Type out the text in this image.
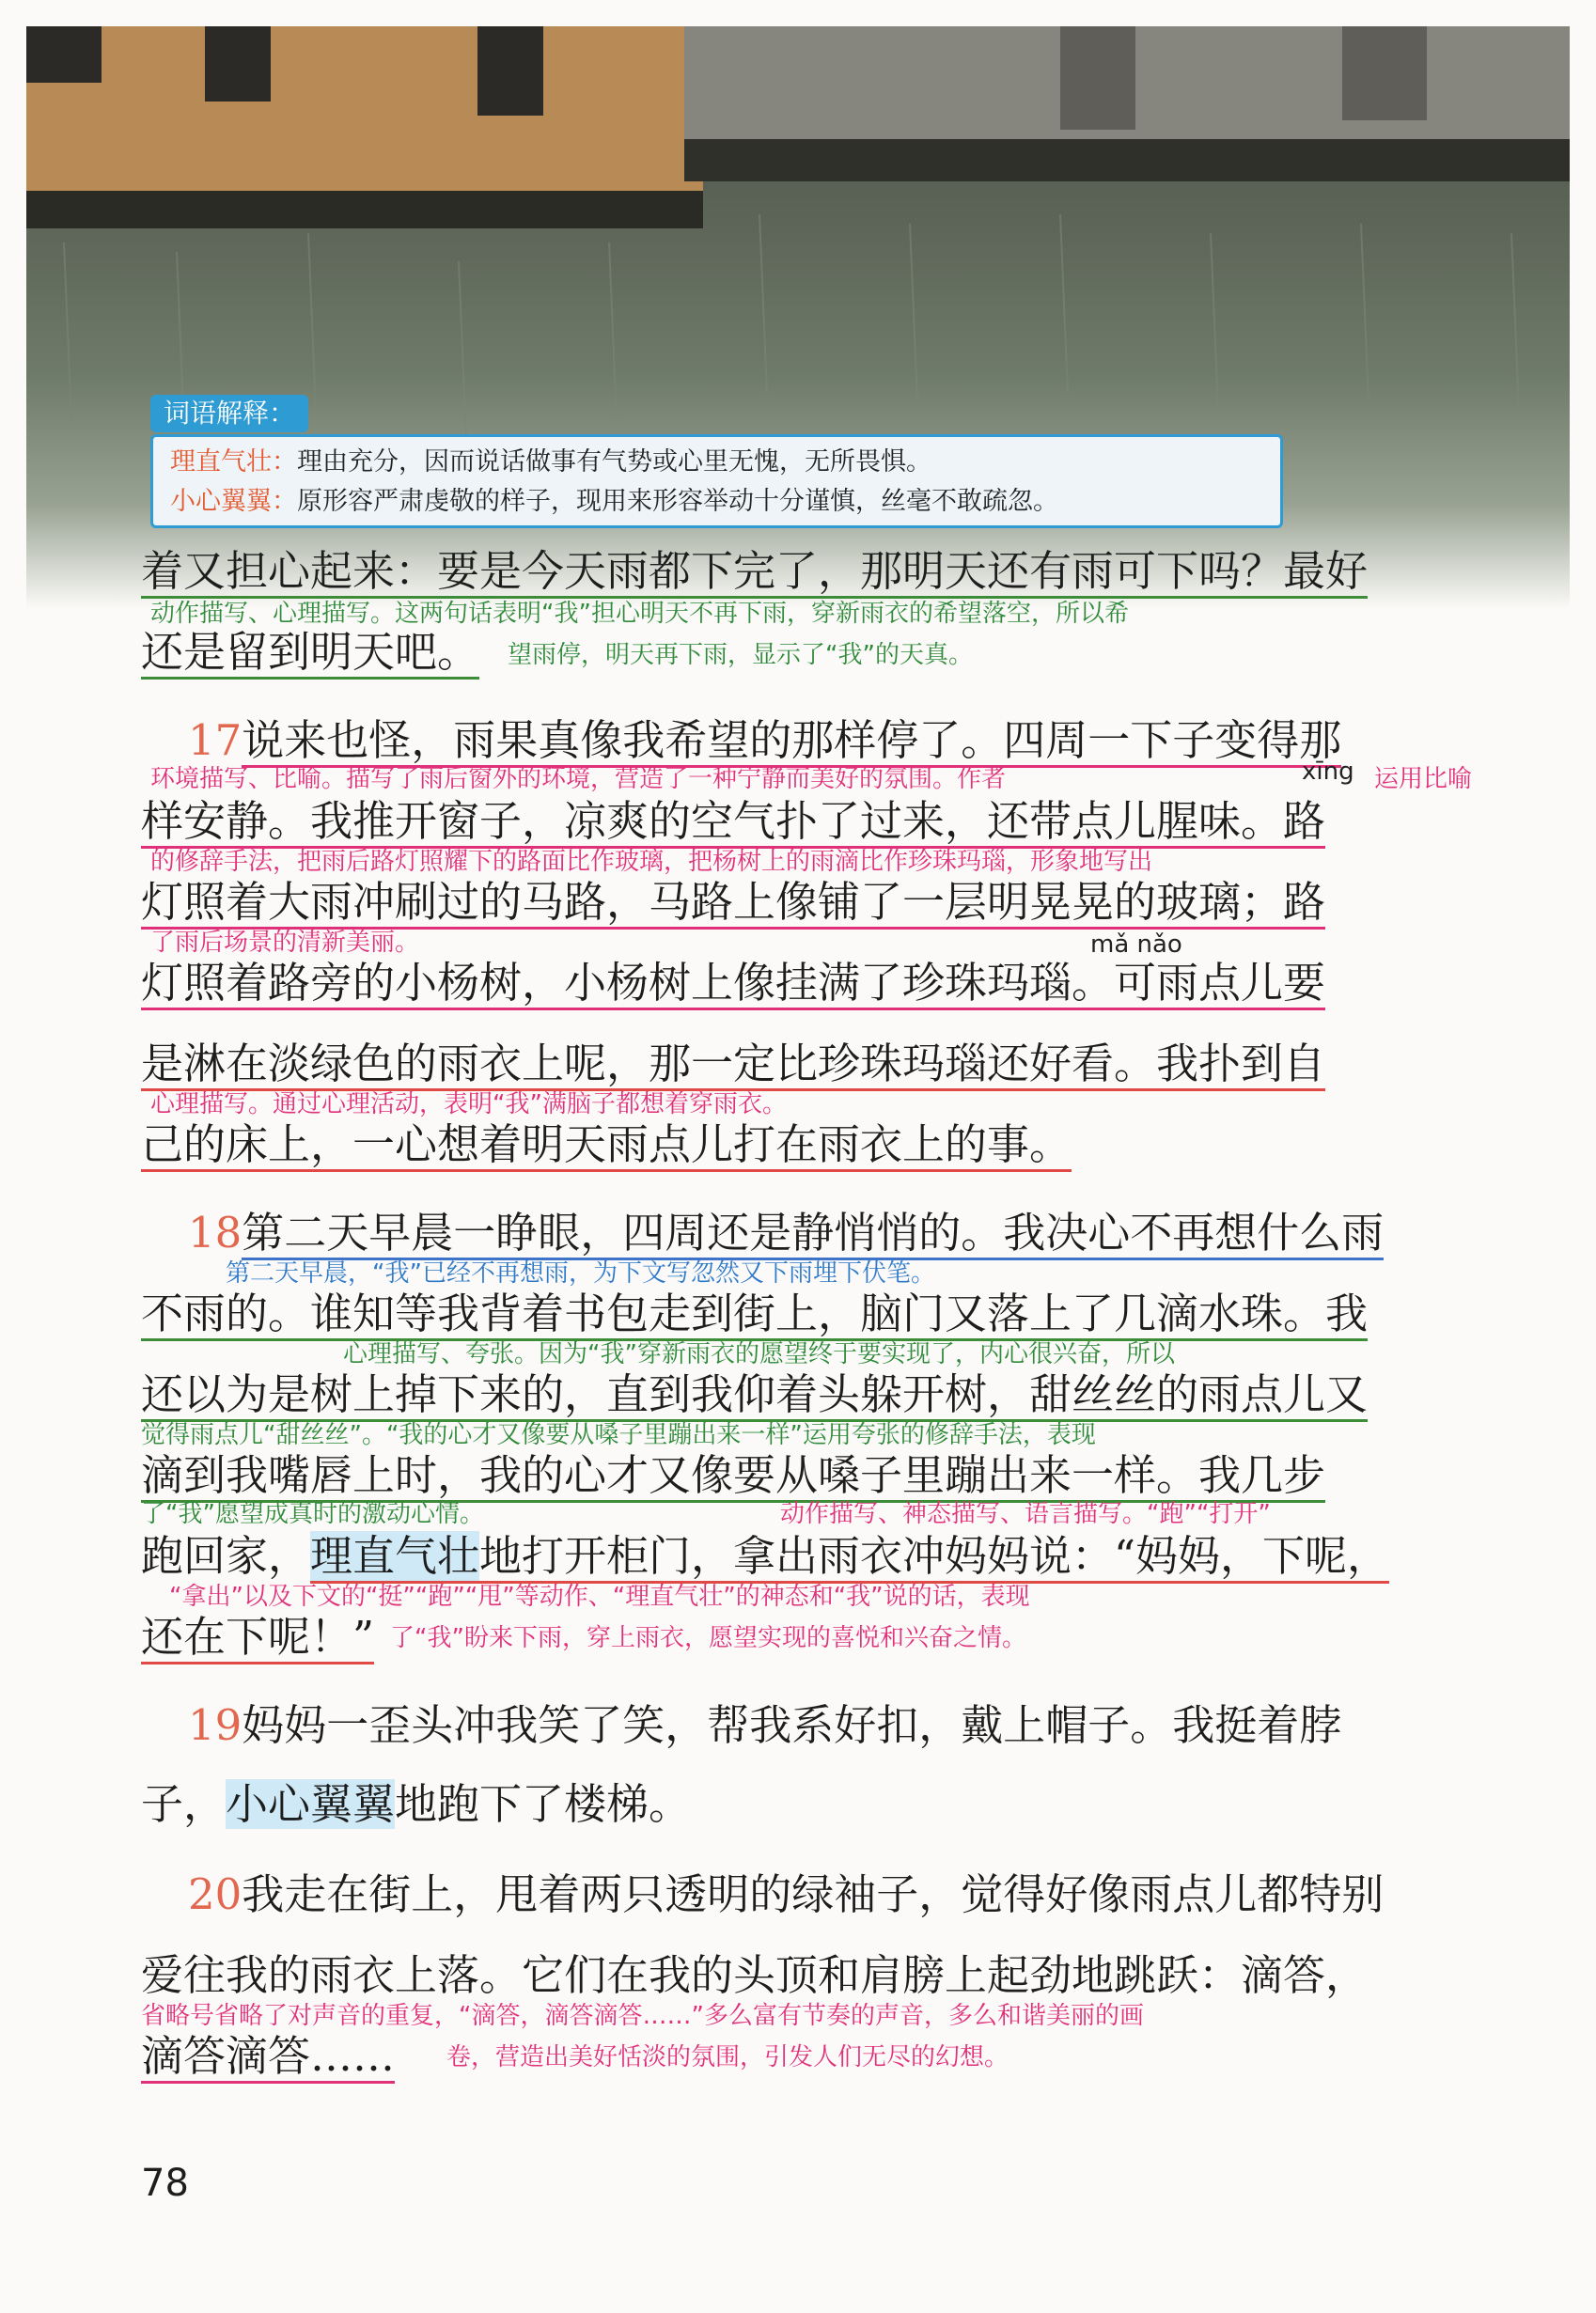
词语解释：
理直气壮：理由充分，因而说话做事有气势或心里无愧，无所畏惧。
小心翼翼：原形容严肃虔敬的样子，现用来形容举动十分谨慎，丝毫不敢疏忽。
着又担心起来：要是今天雨都下完了，那明天还有雨可下吗？最好
动作描写、心理描写。这两句话表明“我”担心明天不再下雨，穿新雨衣的希望落空，所以希
还是留到明天吧。	望雨停，明天再下雨，显示了“我”的天真。
17说来也怪，雨果真像我希望的那样停了。四周一下子变得那
环境描写、比喻。描写了雨后窗外的环境，营造了一种宁静而美好的氛围。作者	xīng 运用比喻
样安静。我推开窗子，凉爽的空气扑了过来，还带点儿腥味。路
的修辞手法，把雨后路灯照耀下的路面比作玻璃，把杨树上的雨滴比作珍珠玛瑙，形象地写出
灯照着大雨冲刷过的马路，马路上像铺了一层明晃晃的玻璃；路
了雨后场景的清新美丽。	mǎ nǎo
灯照着路旁的小杨树，小杨树上像挂满了珍珠玛瑙。可雨点儿要
是淋在淡绿色的雨衣上呢，那一定比珍珠玛瑙还好看。我扑到自
心理描写。通过心理活动，表明“我”满脑子都想着穿雨衣。
己的床上，一心想着明天雨点儿打在雨衣上的事。
18第二天早晨一睁眼，四周还是静悄悄的。我决心不再想什么雨
第二天早晨，“我”已经不再想雨，为下文写忽然又下雨埋下伏笔。
不雨的。谁知等我背着书包走到街上，脑门又落上了几滴水珠。我
心理描写、夸张。因为“我”穿新雨衣的愿望终于要实现了，内心很兴奋，所以
还以为是树上掉下来的，直到我仰着头躲开树，甜丝丝的雨点儿又
觉得雨点儿“甜丝丝”。“我的心才又像要从嗓子里蹦出来一样”运用夸张的修辞手法，表现
滴到我嘴唇上时，我的心才又像要从嗓子里蹦出来一样。我几步
了“我”愿望成真时的激动心情。	动作描写、神态描写、语言描写。“跑”“打开”
跑回家，理直气壮地打开柜门，拿出雨衣冲妈妈说：“妈妈，下呢，
“拿出”以及下文的“挺”“跑”“甩”等动作、“理直气壮”的神态和“我”说的话，表现
还在下呢！” 了“我”盼来下雨，穿上雨衣，愿望实现的喜悦和兴奋之情。
19妈妈一歪头冲我笑了笑，帮我系好扣，戴上帽子。我挺着脖
子，小心翼翼地跑下了楼梯。
20我走在街上，甩着两只透明的绿袖子，觉得好像雨点儿都特别
爱往我的雨衣上落。它们在我的头顶和肩膀上起劲地跳跃：滴答，
省略号省略了对声音的重复，“滴答，滴答滴答……”多么富有节奏的声音，多么和谐美丽的画
滴答滴答……	卷，营造出美好恬淡的氛围，引发人们无尽的幻想。
78
